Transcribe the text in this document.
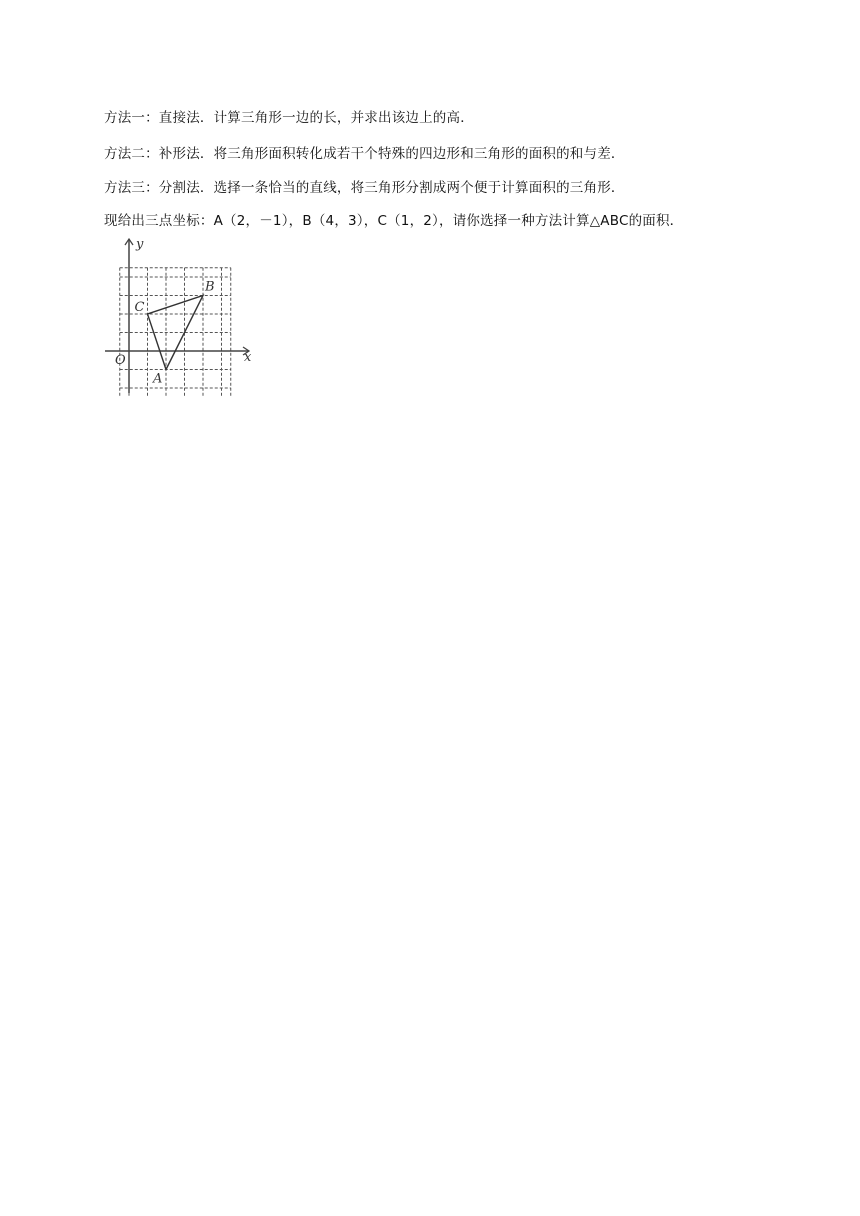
方法一：直接法．计算三角形一边的长，并求出该边上的高．
方法二：补形法．将三角形面积转化成若干个特殊的四边形和三角形的面积的和与差．
方法三：分割法．选择一条恰当的直线，将三角形分割成两个便于计算面积的三角形．
现给出三点坐标：A（2，－1），B（4，3），C（1，2），请你选择一种方法计算△ABC的面积．
x
y
O
A
B
C
